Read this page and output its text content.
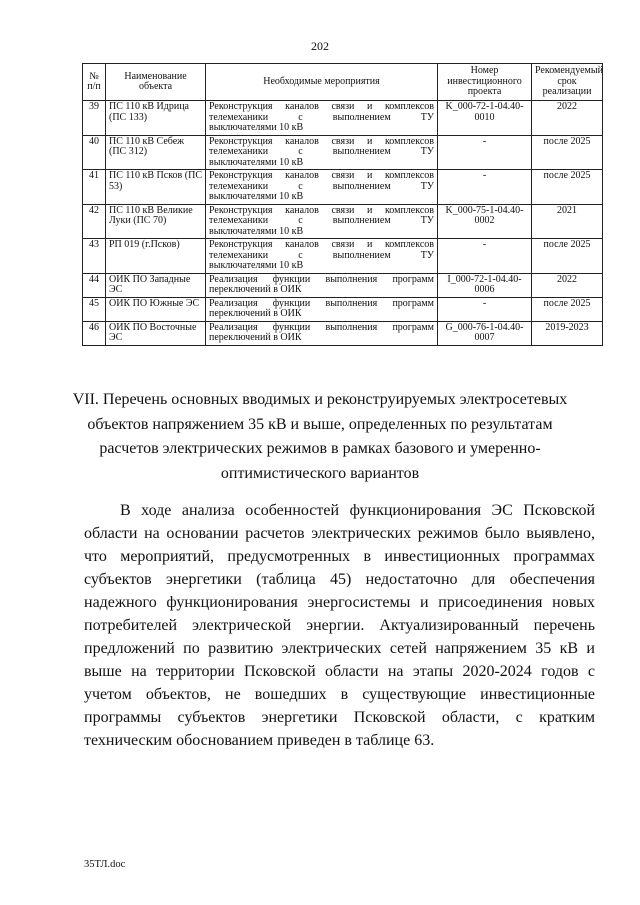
202
№ п/п	Наименование объекта	Необходимые мероприятия	Номер инвестиционного проекта	Рекомендуемый срок реализации
39	ПС 110 кВ Идрица (ПС 133)	Реконструкция каналов связи и комплексов телемеханики с выполнением ТУ
выключателями 10 кВ	K_000-72-1-04.40-0010	2022
40	ПС 110 кВ Себеж (ПС 312)	Реконструкция каналов связи и комплексов телемеханики с выполнением ТУ
выключателями 10 кВ	-	после 2025
41	ПС 110 кВ Псков (ПС 53)	Реконструкция каналов связи и комплексов телемеханики с выполнением ТУ
выключателями 10 кВ	-	после 2025
42	ПС 110 кВ Великие Луки (ПС 70)	Реконструкция каналов связи и комплексов телемеханики с выполнением ТУ
выключателями 10 кВ	K_000-75-1-04.40-0002	2021
43	РП 019 (г.Псков)	Реконструкция каналов связи и комплексов телемеханики с выполнением ТУ
выключателями 10 кВ	-	после 2025
44	ОИК ПО Западные ЭС	Реализация функции выполнения программ
переключений в ОИК	I_000-72-1-04.40-0006	2022
45	ОИК ПО Южные ЭС	Реализация функции выполнения программ
переключений в ОИК	-	после 2025
46	ОИК ПО Восточные ЭС	Реализация функции выполнения программ
переключений в ОИК	G_000-76-1-04.40-0007	2019-2023
VII. Перечень основных вводимых и реконструируемых электросетевых объектов напряжением 35 кВ и выше, определенных по результатам расчетов электрических режимов в рамках базового и умеренно-оптимистического вариантов
В ходе анализа особенностей функционирования ЭС Псковской области на основании расчетов электрических режимов было выявлено, что мероприятий, предусмотренных в инвестиционных программах субъектов энергетики (таблица 45) недостаточно для обеспечения надежного функционирования энергосистемы и присоединения новых потребителей электрической энергии. Актуализированный перечень предложений по развитию электрических сетей напряжением 35 кВ и выше на территории Псковской области на этапы 2020-2024 годов с учетом объектов, не вошедших в существующие инвестиционные программы субъектов энергетики Псковской области, с кратким техническим обоснованием приведен в таблице 63.
35ТЛ.doc
